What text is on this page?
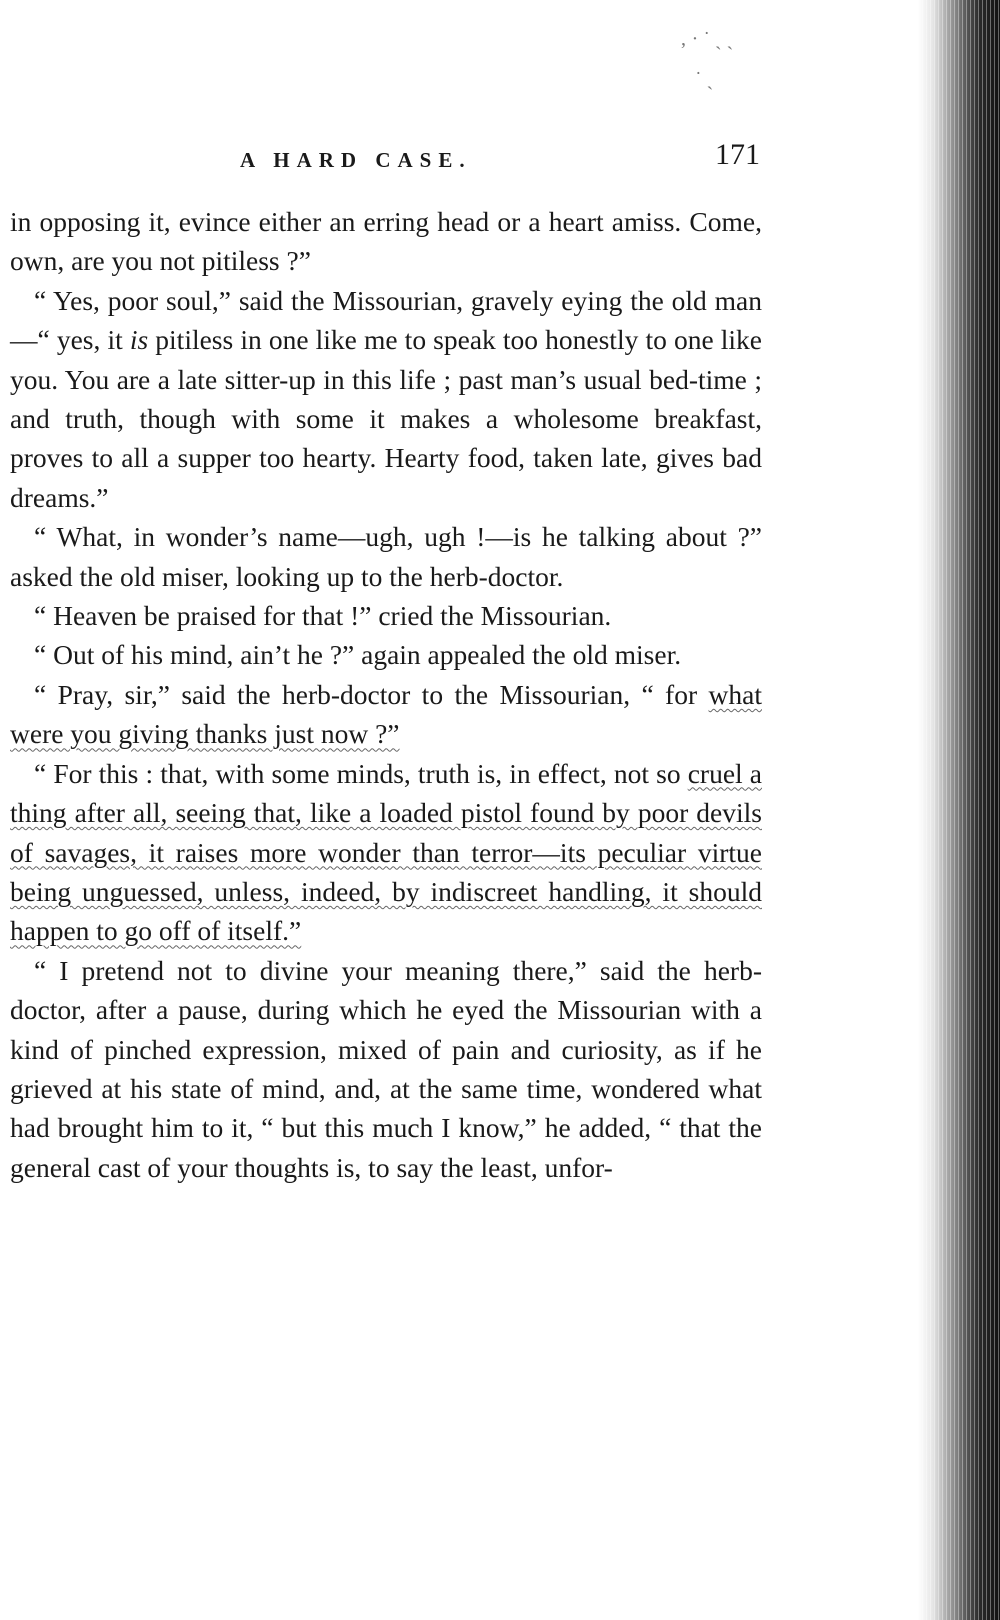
‚ · ˙ ˏ ˎ
˙ ˏ
A HARD CASE.	171

in opposing it, evince either an erring head or a heart amiss. Come, own, are you not pitiless ?”

“ Yes, poor soul,” said the Missourian, gravely eying the old man—“ yes, it is pitiless in one like me to speak too honestly to one like you. You are a late sitter-up in this life ; past man’s usual bed-time ; and truth, though with some it makes a wholesome breakfast, proves to all a supper too hearty. Hearty food, taken late, gives bad dreams.”

“ What, in wonder’s name—ugh, ugh !—is he talking about ?” asked the old miser, looking up to the herb-doctor.

“ Heaven be praised for that !” cried the Missourian.

“ Out of his mind, ain’t he ?” again appealed the old miser.

“ Pray, sir,” said the herb-doctor to the Missourian, “ for what were you giving thanks just now ?”

“ For this : that, with some minds, truth is, in effect, not so cruel a thing after all, seeing that, like a loaded pistol found by poor devils of savages, it raises more wonder than terror—its peculiar virtue being unguessed, unless, indeed, by indiscreet handling, it should happen to go off of itself.”

“ I pretend not to divine your meaning there,” said the herb-doctor, after a pause, during which he eyed the Missourian with a kind of pinched expression, mixed of pain and curiosity, as if he grieved at his state of mind, and, at the same time, wondered what had brought him to it, “ but this much I know,” he added, “ that the general cast of your thoughts is, to say the least, unfor-
